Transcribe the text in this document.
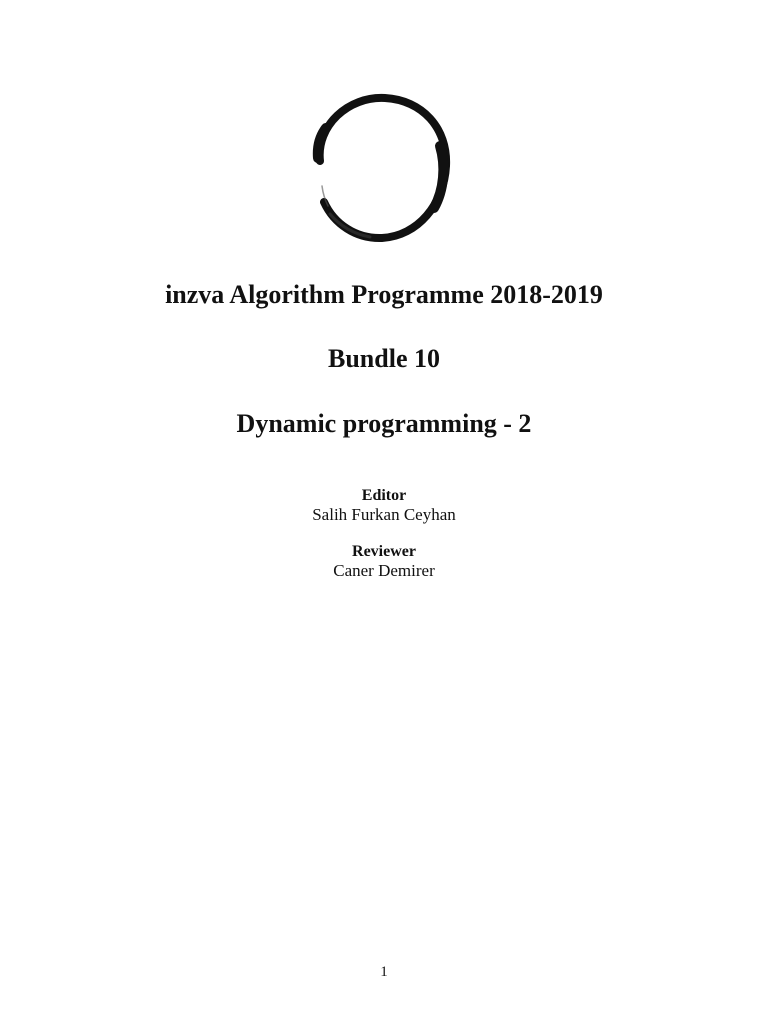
inzva Algorithm Programme 2018-2019
Bundle 10
Dynamic programming - 2
Editor
Salih Furkan Ceyhan
Reviewer
Caner Demirer
1
